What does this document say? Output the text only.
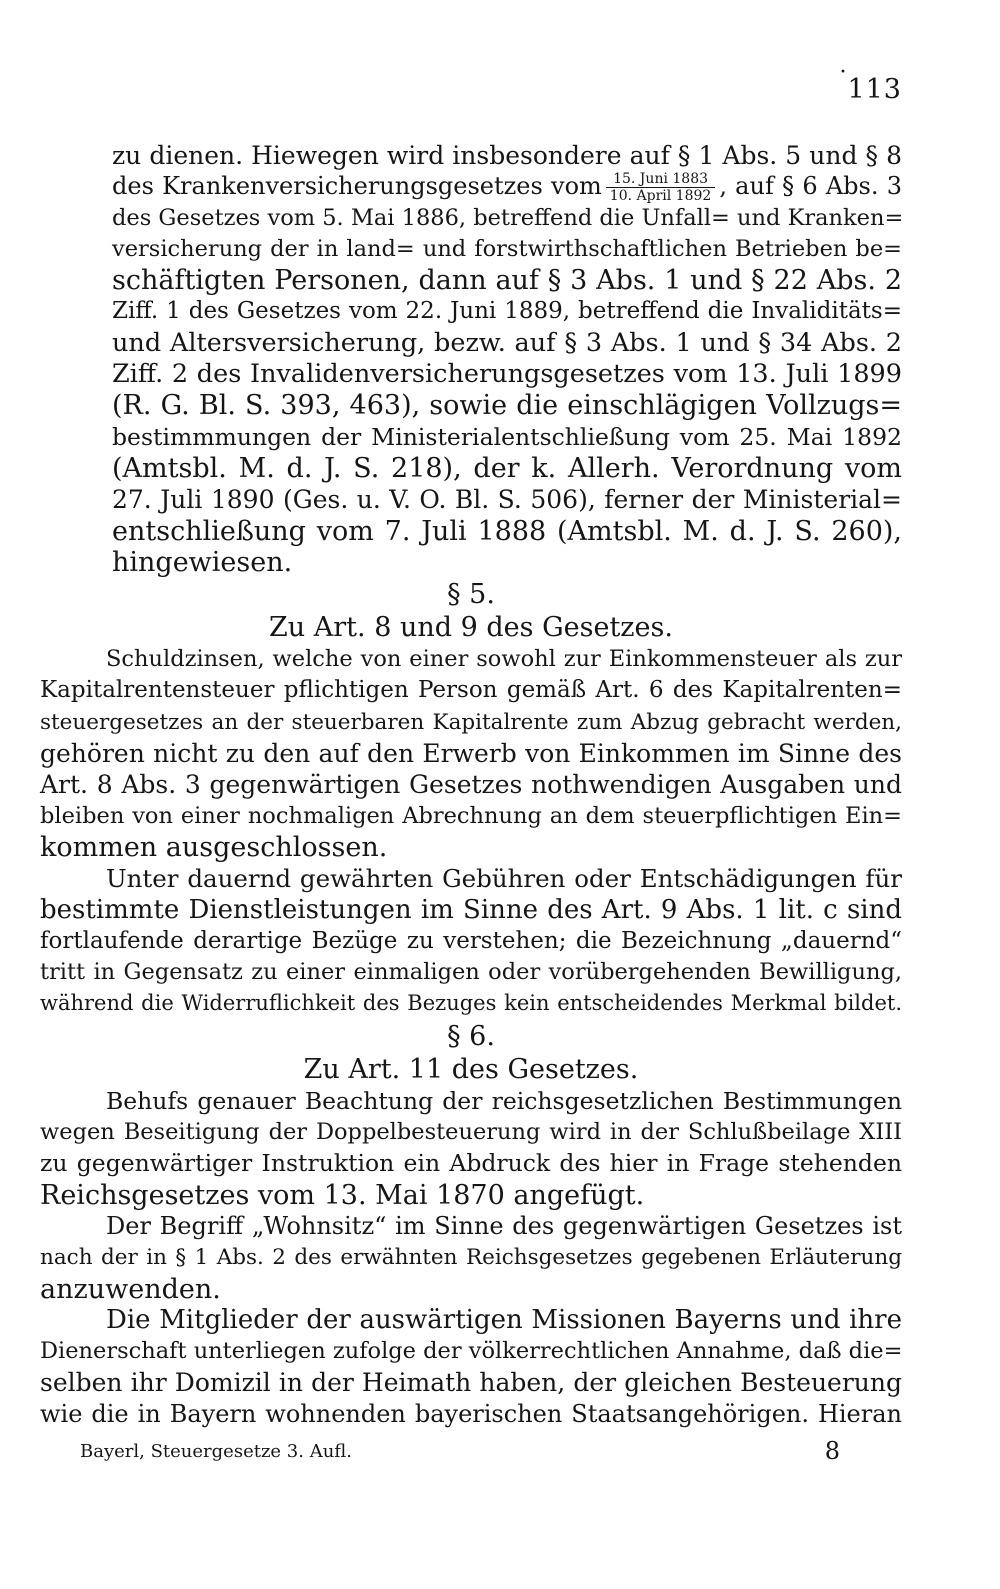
· 113
zu dienen. Hiewegen wird insbesondere auf § 1 Abs. 5 und § 8
des Krankenversicherungsgesetzes vom $\frac{\text{15. Juni 1883}}{\text{10. April 1892}}$ , auf § 6 Abs. 3
des Gesetzes vom 5. Mai 1886, betreffend die Unfall= und Kranken=
versicherung der in land= und forstwirthschaftlichen Betrieben be=
schäftigten Personen, dann auf § 3 Abs. 1 und § 22 Abs. 2
Ziff. 1 des Gesetzes vom 22. Juni 1889, betreffend die Invaliditäts=
und Altersversicherung, bezw. auf § 3 Abs. 1 und § 34 Abs. 2
Ziff. 2 des Invalidenversicherungsgesetzes vom 13. Juli 1899
(R. G. Bl. S. 393, 463), sowie die einschlägigen Vollzugs=
bestimmmungen der Ministerialentschließung vom 25. Mai 1892
(Amtsbl. M. d. J. S. 218), der k. Allerh. Verordnung vom
27. Juli 1890 (Ges. u. V. O. Bl. S. 506), ferner der Ministerial=
entschließung vom 7. Juli 1888 (Amtsbl. M. d. J. S. 260),
hingewiesen.
§ 5.
Zu Art. 8 und 9 des Gesetzes.
Schuldzinsen, welche von einer sowohl zur Einkommensteuer als zur
Kapitalrentensteuer pflichtigen Person gemäß Art. 6 des Kapitalrenten=
steuergesetzes an der steuerbaren Kapitalrente zum Abzug gebracht werden,
gehören nicht zu den auf den Erwerb von Einkommen im Sinne des
Art. 8 Abs. 3 gegenwärtigen Gesetzes nothwendigen Ausgaben und
bleiben von einer nochmaligen Abrechnung an dem steuerpflichtigen Ein=
kommen ausgeschlossen.
Unter dauernd gewährten Gebühren oder Entschädigungen für
bestimmte Dienstleistungen im Sinne des Art. 9 Abs. 1 lit. c sind
fortlaufende derartige Bezüge zu verstehen; die Bezeichnung „dauernd“
tritt in Gegensatz zu einer einmaligen oder vorübergehenden Bewilligung,
während die Widerruflichkeit des Bezuges kein entscheidendes Merkmal bildet.
§ 6.
Zu Art. 11 des Gesetzes.
Behufs genauer Beachtung der reichsgesetzlichen Bestimmungen
wegen Beseitigung der Doppelbesteuerung wird in der Schlußbeilage XIII
zu gegenwärtiger Instruktion ein Abdruck des hier in Frage stehenden
Reichsgesetzes vom 13. Mai 1870 angefügt.
Der Begriff „Wohnsitz“ im Sinne des gegenwärtigen Gesetzes ist
nach der in § 1 Abs. 2 des erwähnten Reichsgesetzes gegebenen Erläuterung
anzuwenden.
Die Mitglieder der auswärtigen Missionen Bayerns und ihre
Dienerschaft unterliegen zufolge der völkerrechtlichen Annahme, daß die=
selben ihr Domizil in der Heimath haben, der gleichen Besteuerung
wie die in Bayern wohnenden bayerischen Staatsangehörigen. Hieran
Bayerl, Steuergesetze 3. Aufl.	8
